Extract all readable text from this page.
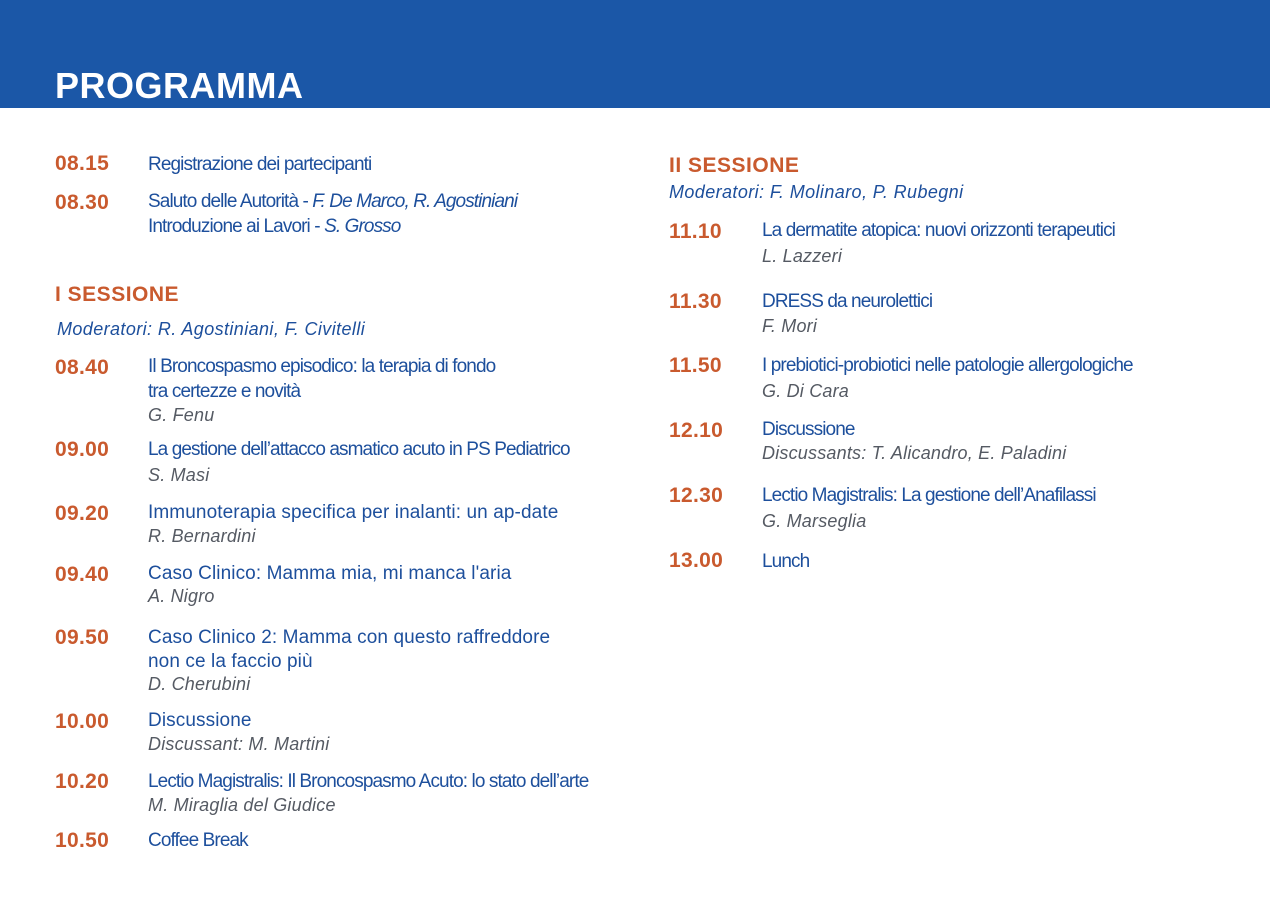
PROGRAMMA
08.15 Registrazione dei partecipanti
08.30 Saluto delle Autorità - F. De Marco, R. Agostiniani
Introduzione ai Lavori - S. Grosso
I SESSIONE
Moderatori: R. Agostiniani, F. Civitelli
08.40 Il Broncospasmo episodico: la terapia di fondo
tra certezze e novità
G. Fenu
09.00 La gestione dell’attacco asmatico acuto in PS Pediatrico
S. Masi
09.20 Immunoterapia specifica per inalanti: un ap-date
R. Bernardini
09.40 Caso Clinico: Mamma mia, mi manca l'aria
A. Nigro
09.50 Caso Clinico 2: Mamma con questo raffreddore
non ce la faccio più
D. Cherubini
10.00 Discussione
Discussant: M. Martini
10.20 Lectio Magistralis: Il Broncospasmo Acuto: lo stato dell’arte
M. Miraglia del Giudice
10.50 Coffee Break
II SESSIONE
Moderatori: F. Molinaro, P. Rubegni
11.10 La dermatite atopica: nuovi orizzonti terapeutici
L. Lazzeri
11.30 DRESS da neurolettici
F. Mori
11.50 I prebiotici-probiotici nelle patologie allergologiche
G. Di Cara
12.10 Discussione
Discussants: T. Alicandro, E. Paladini
12.30 Lectio Magistralis: La gestione dell’Anafilassi
G. Marseglia
13.00 Lunch
